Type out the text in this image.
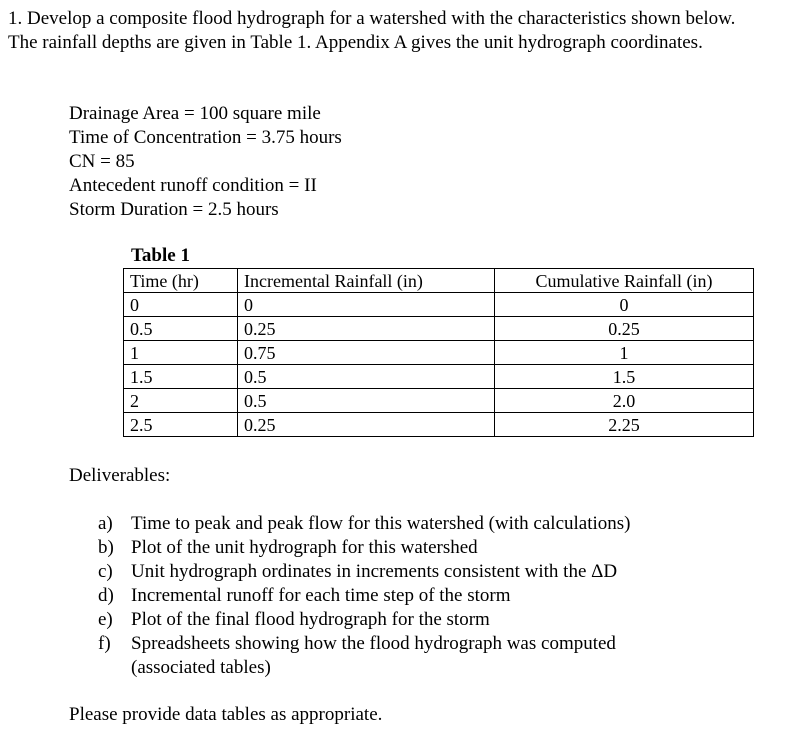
1. Develop a composite flood hydrograph for a watershed with the characteristics shown below. The rainfall depths are given in Table 1. Appendix A gives the unit hydrograph coordinates.

Drainage Area = 100 square mile
Time of Concentration = 3.75 hours
CN = 85
Antecedent runoff condition = II
Storm Duration = 2.5 hours
Table 1
Time (hr)	Incremental Rainfall (in)	Cumulative Rainfall (in)
0	0	0
0.5	0.25	0.25
1	0.75	1
1.5	0.5	1.5
2	0.5	2.0
2.5	0.25	2.25
Deliverables:
a) Time to peak and peak flow for this watershed (with calculations)
b) Plot of the unit hydrograph for this watershed
c) Unit hydrograph ordinates in increments consistent with the ΔD
d) Incremental runoff for each time step of the storm
e) Plot of the final flood hydrograph for the storm
f)	Spreadsheets showing how the flood hydrograph was computed (associated tables)
Please provide data tables as appropriate.
